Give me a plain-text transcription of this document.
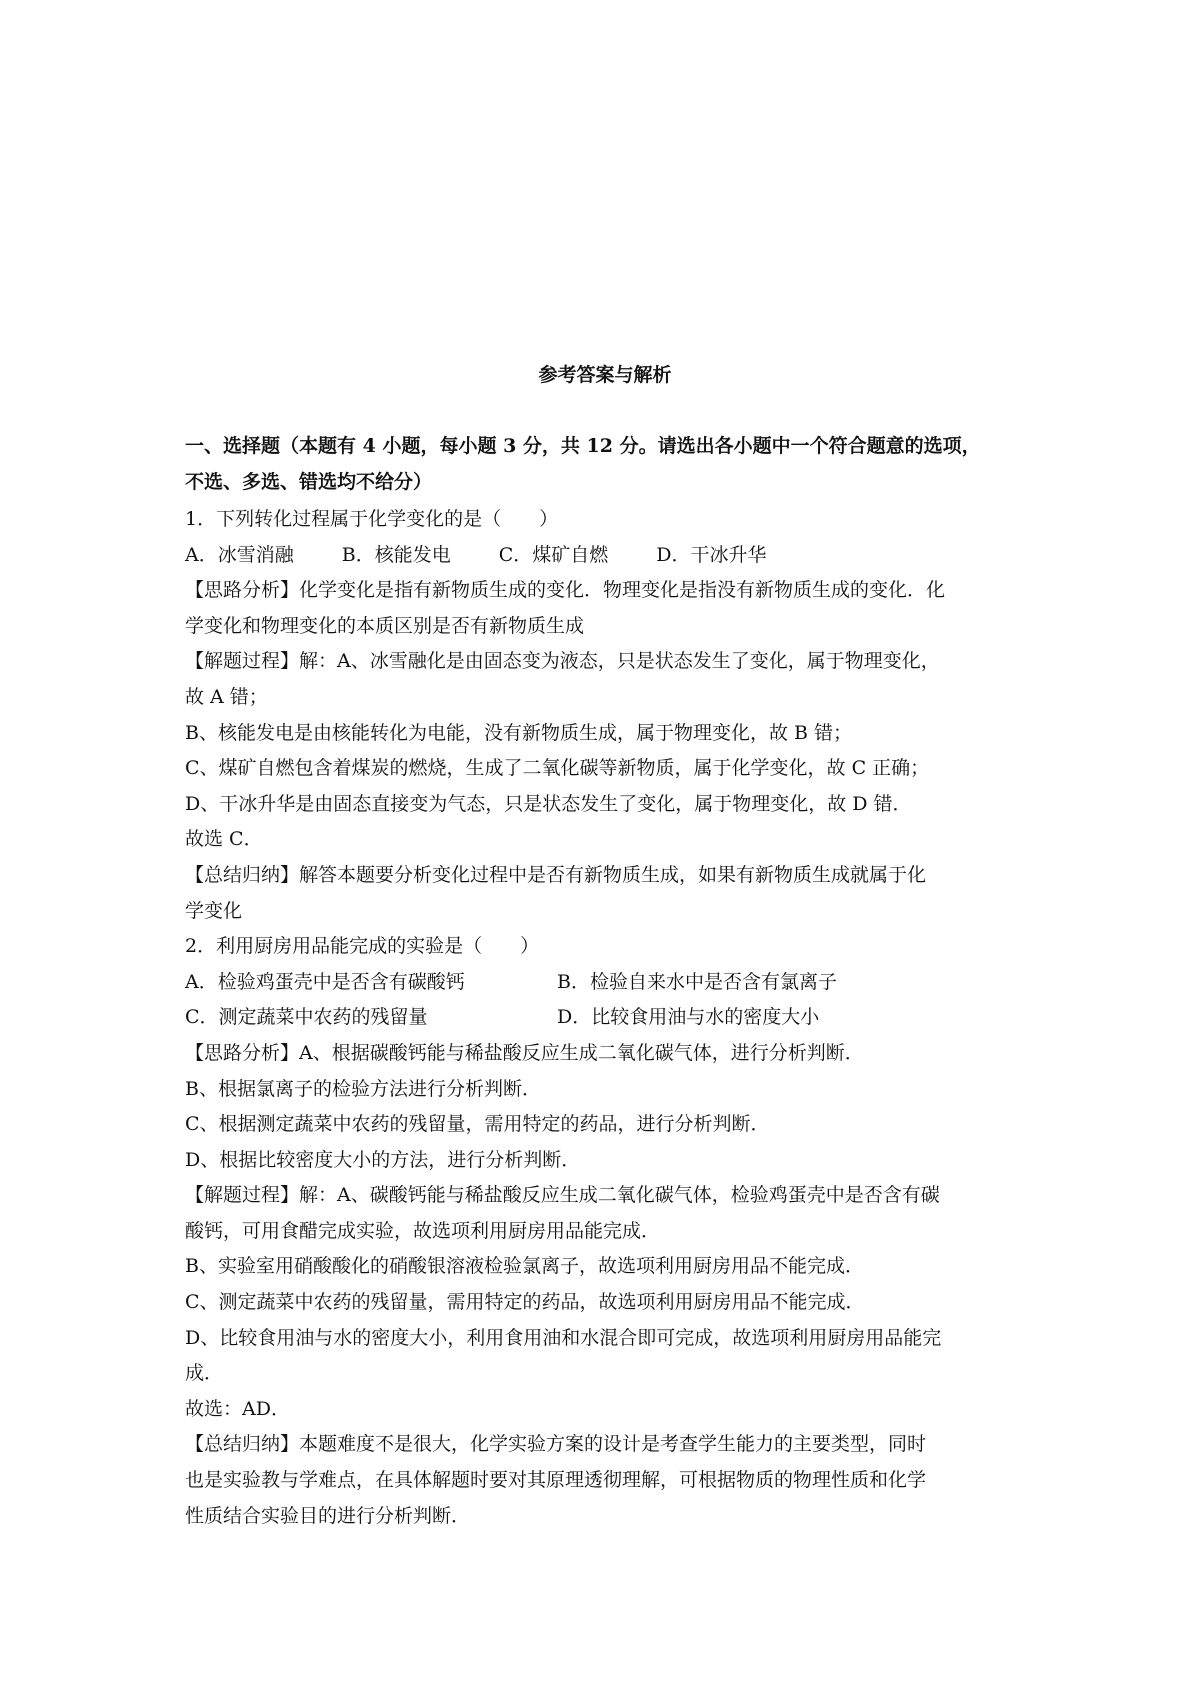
参考答案与解析
一、选择题（本题有 4 小题，每小题 3 分，共 12 分。请选出各小题中一个符合题意的选项，
不选、多选、错选均不给分）
1．下列转化过程属于化学变化的是（　　）
A．冰雪消融	B．核能发电	C．煤矿自燃	D．干冰升华
【思路分析】化学变化是指有新物质生成的变化．物理变化是指没有新物质生成的变化．化
学变化和物理变化的本质区别是否有新物质生成
【解题过程】解：A、冰雪融化是由固态变为液态，只是状态发生了变化，属于物理变化，
故 A 错；
B、核能发电是由核能转化为电能，没有新物质生成，属于物理变化，故 B 错；
C、煤矿自燃包含着煤炭的燃烧，生成了二氧化碳等新物质，属于化学变化，故 C 正确；
D、干冰升华是由固态直接变为气态，只是状态发生了变化，属于物理变化，故 D 错．
故选 C．
【总结归纳】解答本题要分析变化过程中是否有新物质生成，如果有新物质生成就属于化
学变化
2．利用厨房用品能完成的实验是（　　）
A．检验鸡蛋壳中是否含有碳酸钙	B．检验自来水中是否含有氯离子
C．测定蔬菜中农药的残留量	D．比较食用油与水的密度大小
【思路分析】A、根据碳酸钙能与稀盐酸反应生成二氧化碳气体，进行分析判断．
B、根据氯离子的检验方法进行分析判断．
C、根据测定蔬菜中农药的残留量，需用特定的药品，进行分析判断．
D、根据比较密度大小的方法，进行分析判断．
【解题过程】解：A、碳酸钙能与稀盐酸反应生成二氧化碳气体，检验鸡蛋壳中是否含有碳
酸钙，可用食醋完成实验，故选项利用厨房用品能完成．
B、实验室用硝酸酸化的硝酸银溶液检验氯离子，故选项利用厨房用品不能完成．
C、测定蔬菜中农药的残留量，需用特定的药品，故选项利用厨房用品不能完成．
D、比较食用油与水的密度大小，利用食用油和水混合即可完成，故选项利用厨房用品能完
成．
故选：AD．
【总结归纳】本题难度不是很大，化学实验方案的设计是考查学生能力的主要类型，同时
也是实验教与学难点，在具体解题时要对其原理透彻理解，可根据物质的物理性质和化学
性质结合实验目的进行分析判断．
